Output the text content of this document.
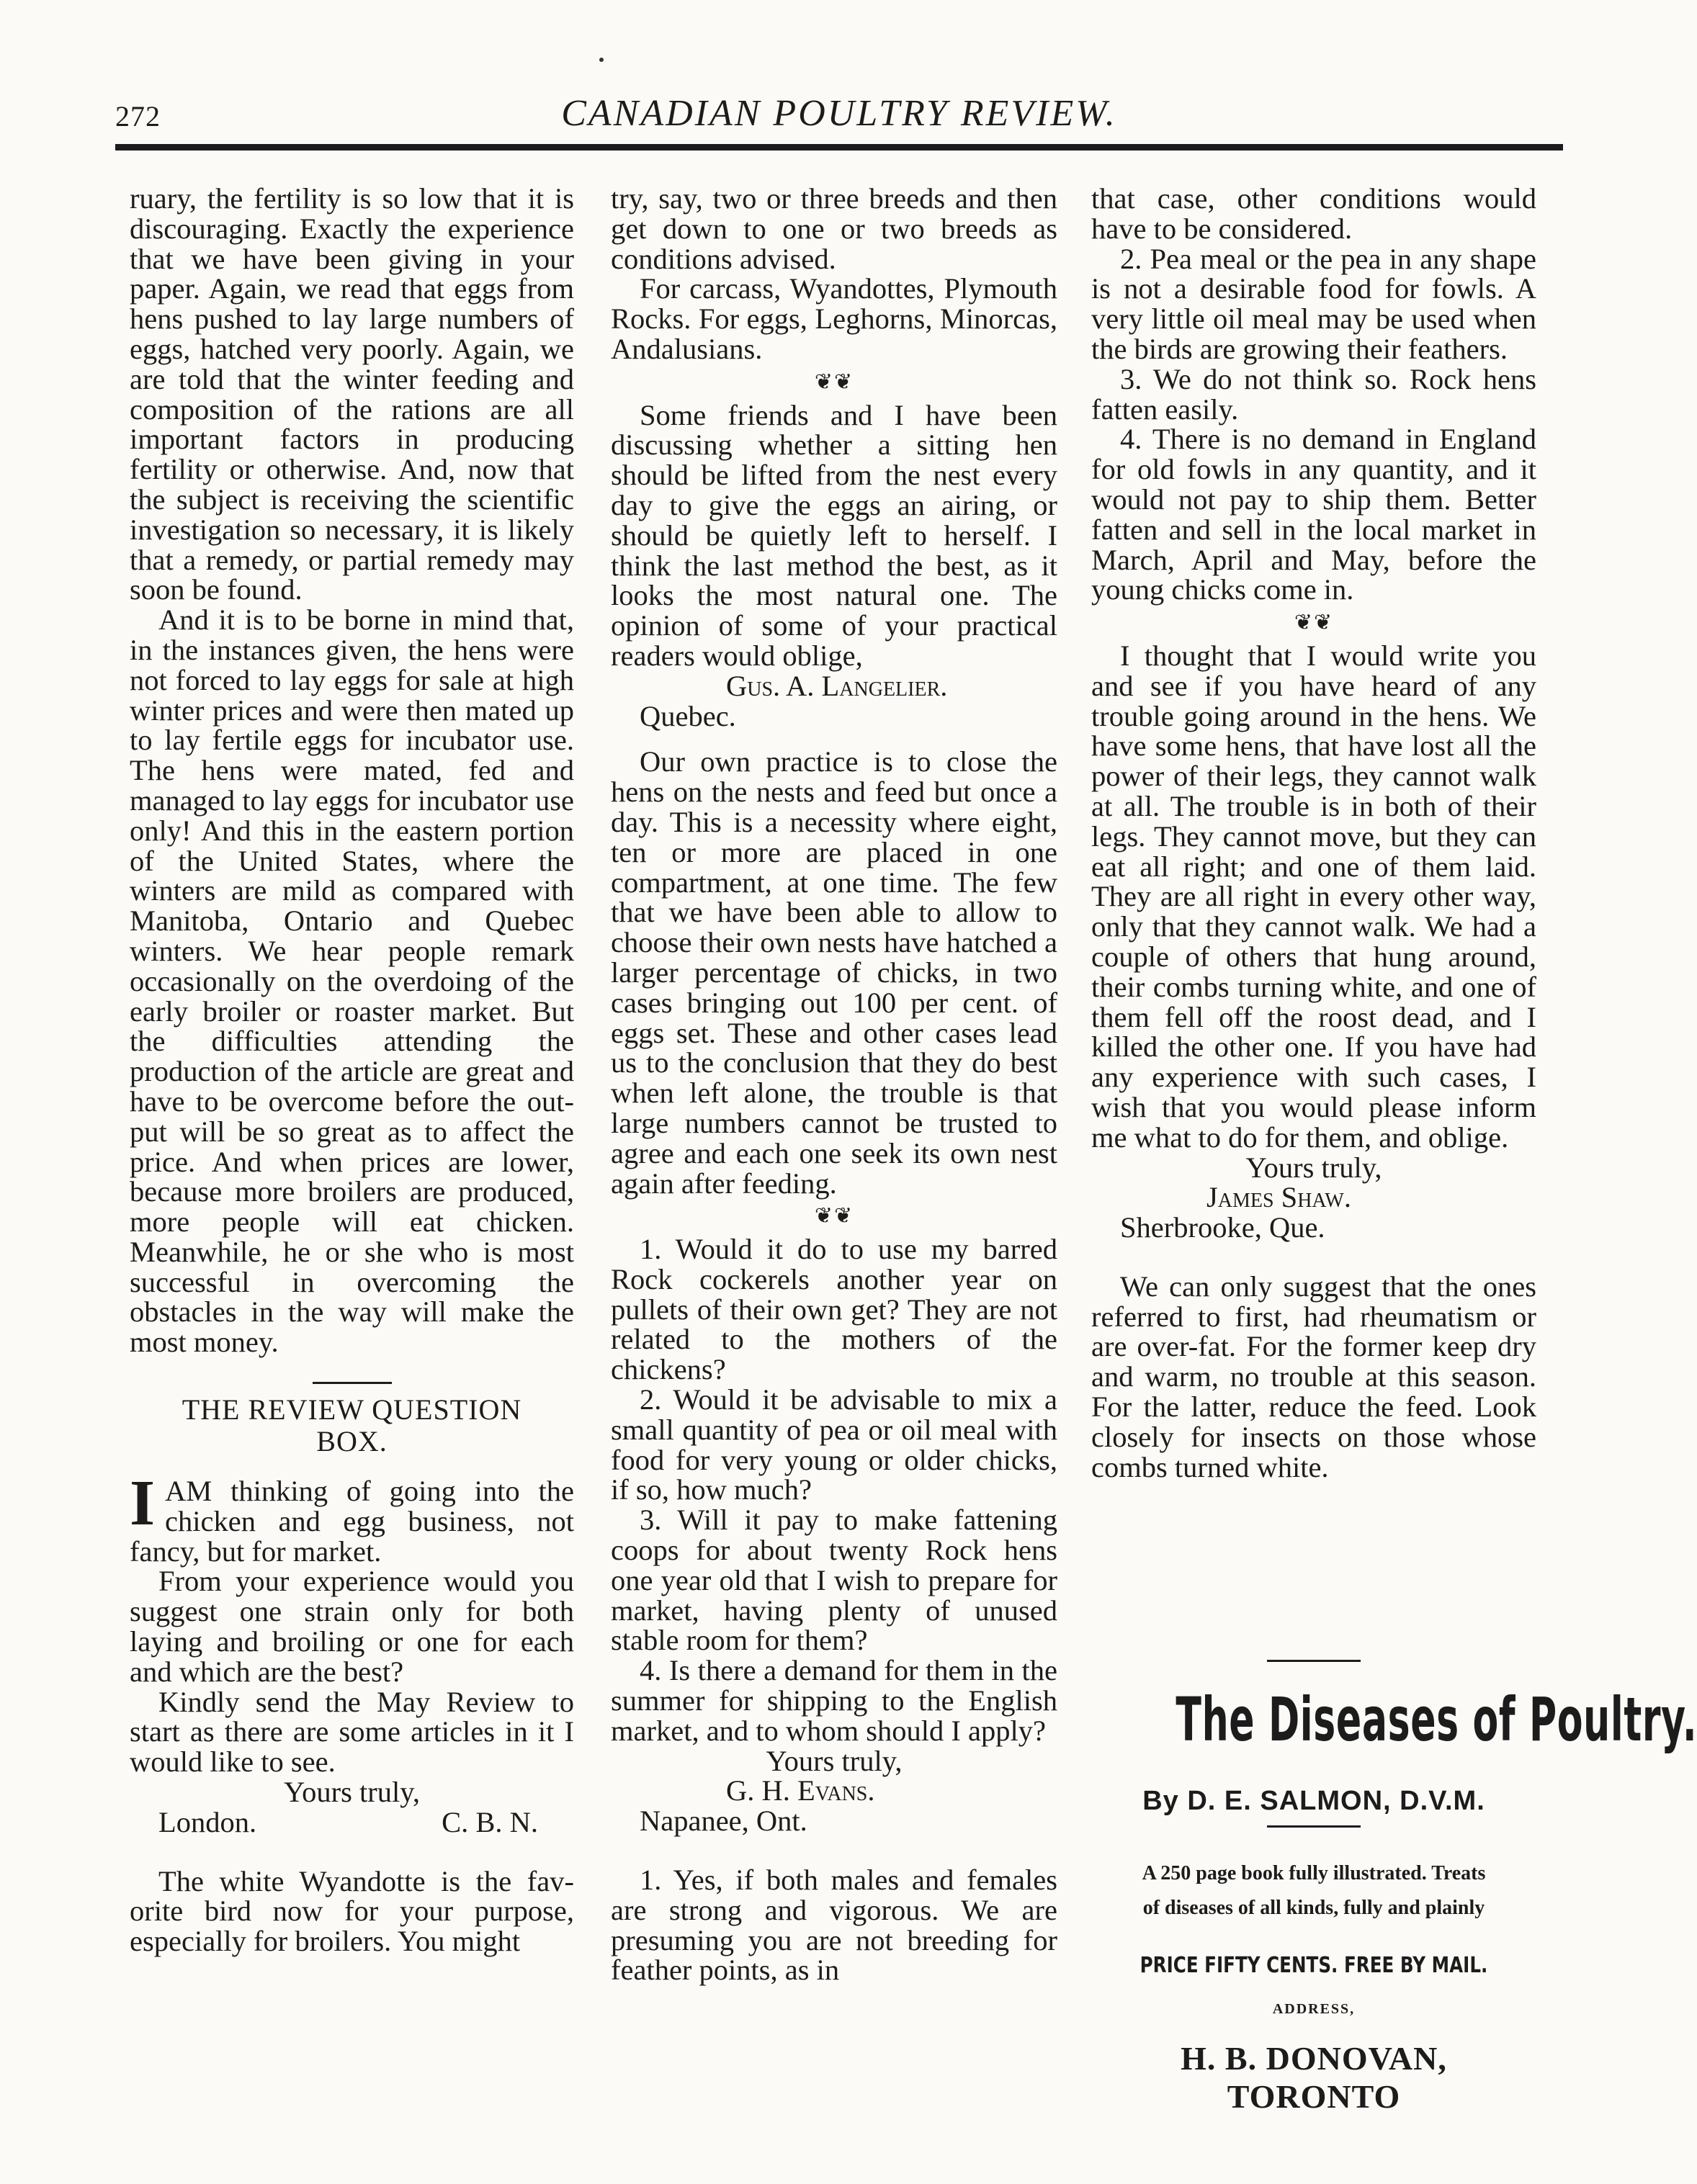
272	CANADIAN POULTRY REVIEW.

ruary, the fertility is so low that it is discouraging. Exactly the experience that we have been giving in your paper. Again, we read that eggs from hens pushed to lay large numbers of eggs, hatched very poorly. Again, we are told that the winter feeding and composition of the rations are all important factors in producing fertility or otherwise. And, now that the subject is receiving the scientific investigation so necessary, it is likely that a remedy, or partial remedy may soon be found.

And it is to be borne in mind that, in the instances given, the hens were not forced to lay eggs for sale at high winter prices and were then mated up to lay fertile eggs for incubator use. The hens were mated, fed and managed to lay eggs for incubator use only! And this in the eastern portion of the United States, where the winters are mild as compared with Manitoba, Ontario and Quebec winters. We hear people remark occasionally on the overdoing of the early broiler or roaster market. But the difficulties attending the production of the article are great and have to be overcome before the output will be so great as to affect the price. And when prices are lower, because more broilers are produced, more people will eat chicken. Meanwhile, he or she who is most successful in overcoming the obstacles in the way will make the most money.

THE REVIEW QUESTION
BOX.

IAM thinking of going into the chicken and egg business, not fancy, but for market.

From your experience would you suggest one strain only for both laying and broiling or one for each and which are the best?

Kindly send the May Review to start as there are some articles in it I would like to see.

Yours truly,

London.	C. B. N.

The white Wyandotte is the favorite bird now for your purpose, especially for broilers. You might

try, say, two or three breeds and then get down to one or two breeds as conditions advised.

For carcass, Wyandottes, Plymouth Rocks. For eggs, Leghorns, Minorcas, Andalusians.

❦❦

Some friends and I have been discussing whether a sitting hen should be lifted from the nest every day to give the eggs an airing, or should be quietly left to herself. I think the last method the best, as it looks the most natural one. The opinion of some of your practical readers would oblige,

Gus. A. Langelier.

Quebec.

Our own practice is to close the hens on the nests and feed but once a day. This is a necessity where eight, ten or more are placed in one compartment, at one time. The few that we have been able to allow to choose their own nests have hatched a larger percentage of chicks, in two cases bringing out 100 per cent. of eggs set. These and other cases lead us to the conclusion that they do best when left alone, the trouble is that large numbers cannot be trusted to agree and each one seek its own nest again after feeding.

❦❦

1. Would it do to use my barred Rock cockerels another year on pullets of their own get? They are not related to the mothers of the chickens?

2. Would it be advisable to mix a small quantity of pea or oil meal with food for very young or older chicks, if so, how much?

3. Will it pay to make fattening coops for about twenty Rock hens one year old that I wish to prepare for market, having plenty of unused stable room for them?

4. Is there a demand for them in the summer for shipping to the English market, and to whom should I apply?

Yours truly,

G. H. Evans.

Napanee, Ont.

1. Yes, if both males and females are strong and vigorous. We are presuming you are not breeding for feather points, as in

that case, other conditions would have to be considered.

2. Pea meal or the pea in any shape is not a desirable food for fowls. A very little oil meal may be used when the birds are growing their feathers.

3. We do not think so. Rock hens fatten easily.

4. There is no demand in England for old fowls in any quantity, and it would not pay to ship them. Better fatten and sell in the local market in March, April and May, before the young chicks come in.

❦❦

I thought that I would write you and see if you have heard of any trouble going around in the hens. We have some hens, that have lost all the power of their legs, they cannot walk at all. The trouble is in both of their legs. They cannot move, but they can eat all right; and one of them laid. They are all right in every other way, only that they cannot walk. We had a couple of others that hung around, their combs turning white, and one of them fell off the roost dead, and I killed the other one. If you have had any experience with such cases, I wish that you would please inform me what to do for them, and oblige.

Yours truly,

James Shaw.

Sherbrooke, Que.

We can only suggest that the ones referred to first, had rheumatism or are over-fat. For the former keep dry and warm, no trouble at this season. For the latter, reduce the feed. Look closely for insects on those whose combs turned white.

The Diseases of Poultry.
By D. E. SALMON, D.V.M.
A 250 page book fully illustrated. Treats
of diseases of all kinds, fully and plainly
PRICE FIFTY CENTS. FREE BY MAIL.
ADDRESS,
H. B. DONOVAN, TORONTO
